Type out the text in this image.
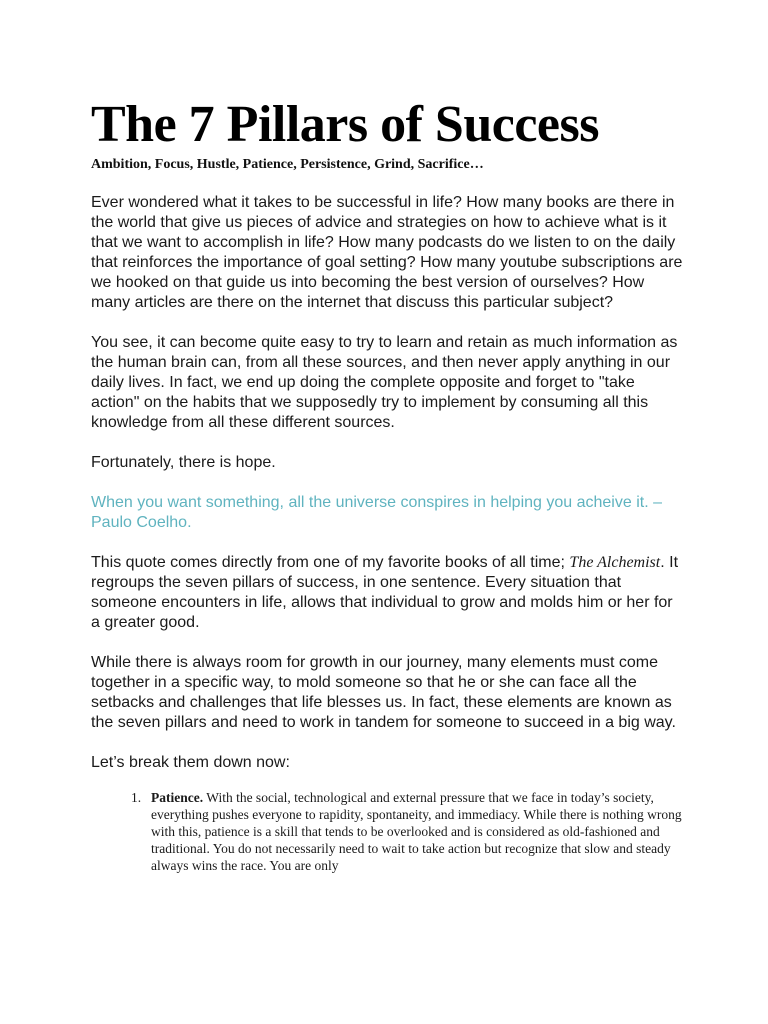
The 7 Pillars of Success
Ambition, Focus, Hustle, Patience, Persistence, Grind, Sacrifice…

Ever wondered what it takes to be successful in life? How many books are there in the world that give us pieces of advice and strategies on how to achieve what is it that we want to accomplish in life? How many podcasts do we listen to on the daily that reinforces the importance of goal setting? How many youtube subscriptions are we hooked on that guide us into becoming the best version of ourselves? How many articles are there on the internet that discuss this particular subject?

You see, it can become quite easy to try to learn and retain as much information as the human brain can, from all these sources, and then never apply anything in our daily lives. In fact, we end up doing the complete opposite and forget to "take action" on the habits that we supposedly try to implement by consuming all this knowledge from all these different sources.

Fortunately, there is hope.

When you want something, all the universe conspires in helping you acheive it. – Paulo Coelho.

This quote comes directly from one of my favorite books of all time; The Alchemist. It regroups the seven pillars of success, in one sentence. Every situation that someone encounters in life, allows that individual to grow and molds him or her for a greater good.

While there is always room for growth in our journey, many elements must come together in a specific way, to mold someone so that he or she can face all the setbacks and challenges that life blesses us. In fact, these elements are known as the seven pillars and need to work in tandem for someone to succeed in a big way.

Let’s break them down now:

1. Patience. With the social, technological and external pressure that we face in today’s society, everything pushes everyone to rapidity, spontaneity, and immediacy. While there is nothing wrong with this, patience is a skill that tends to be overlooked and is considered as old-fashioned and traditional. You do not necessarily need to wait to take action but recognize that slow and steady always wins the race. You are only
